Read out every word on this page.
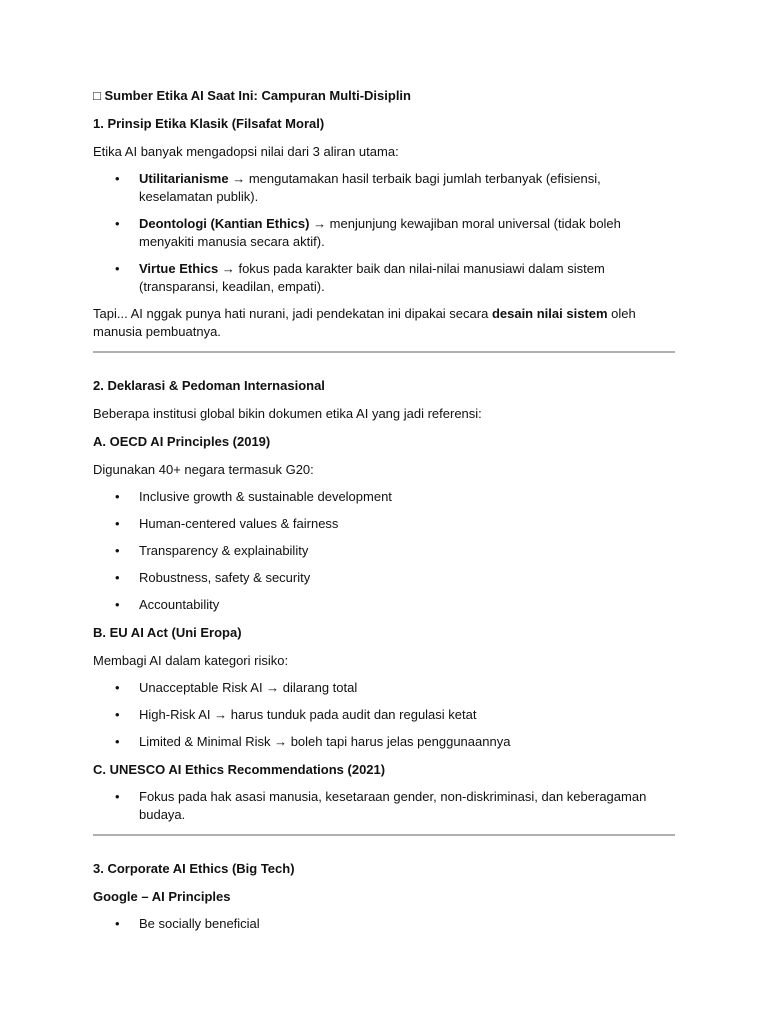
□ Sumber Etika AI Saat Ini: Campuran Multi-Disiplin

1. Prinsip Etika Klasik (Filsafat Moral)

Etika AI banyak mengadopsi nilai dari 3 aliran utama:

• Utilitarianisme → mengutamakan hasil terbaik bagi jumlah terbanyak (efisiensi, keselamatan publik).
• Deontologi (Kantian Ethics) → menjunjung kewajiban moral universal (tidak boleh menyakiti manusia secara aktif).
• Virtue Ethics → fokus pada karakter baik dan nilai-nilai manusiawi dalam sistem (transparansi, keadilan, empati).

Tapi... AI nggak punya hati nurani, jadi pendekatan ini dipakai secara desain nilai sistem oleh manusia pembuatnya.

2. Deklarasi & Pedoman Internasional

Beberapa institusi global bikin dokumen etika AI yang jadi referensi:

A. OECD AI Principles (2019)

Digunakan 40+ negara termasuk G20:

• Inclusive growth & sustainable development
• Human-centered values & fairness
• Transparency & explainability
• Robustness, safety & security
• Accountability

B. EU AI Act (Uni Eropa)

Membagi AI dalam kategori risiko:

• Unacceptable Risk AI → dilarang total
• High-Risk AI → harus tunduk pada audit dan regulasi ketat
• Limited & Minimal Risk → boleh tapi harus jelas penggunaannya

C. UNESCO AI Ethics Recommendations (2021)

• Fokus pada hak asasi manusia, kesetaraan gender, non-diskriminasi, dan keberagaman budaya.

3. Corporate AI Ethics (Big Tech)

Google – AI Principles

• Be socially beneficial
